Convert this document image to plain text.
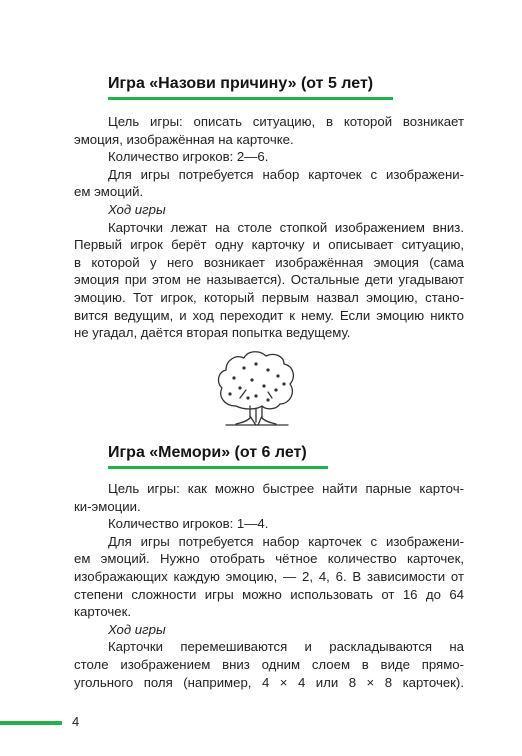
Игра «Назови причину» (от 5 лет)

Цель игры: описать ситуацию, в которой возникает

эмоция, изображённая на карточке.

Количество игроков: 2—6.

Для игры потребуется набор карточек с изображени-

ем эмоций.

Ход игры

Карточки лежат на столе стопкой изображением вниз.

Первый игрок берёт одну карточку и описывает ситуацию,

в которой у него возникает изображённая эмоция (сама

эмоция при этом не называется). Остальные дети угадывают

эмоцию. Тот игрок, который первым назвал эмоцию, стано-

вится ведущим, и ход переходит к нему. Если эмоцию никто

не угадал, даётся вторая попытка ведущему.

Игра «Мемори» (от 6 лет)

Цель игры: как можно быстрее найти парные карточ-

ки-эмоции.

Количество игроков: 1—4.

Для игры потребуется набор карточек с изображени-

ем эмоций. Нужно отобрать чётное количество карточек,

изображающих каждую эмоцию, — 2, 4, 6. В зависимости от

степени сложности игры можно использовать от 16 до 64

карточек.

Ход игры

Карточки перемешиваются и раскладываются на

столе изображением вниз одним слоем в виде прямо-

угольного поля (например, 4 × 4 или 8 × 8 карточек).

4
